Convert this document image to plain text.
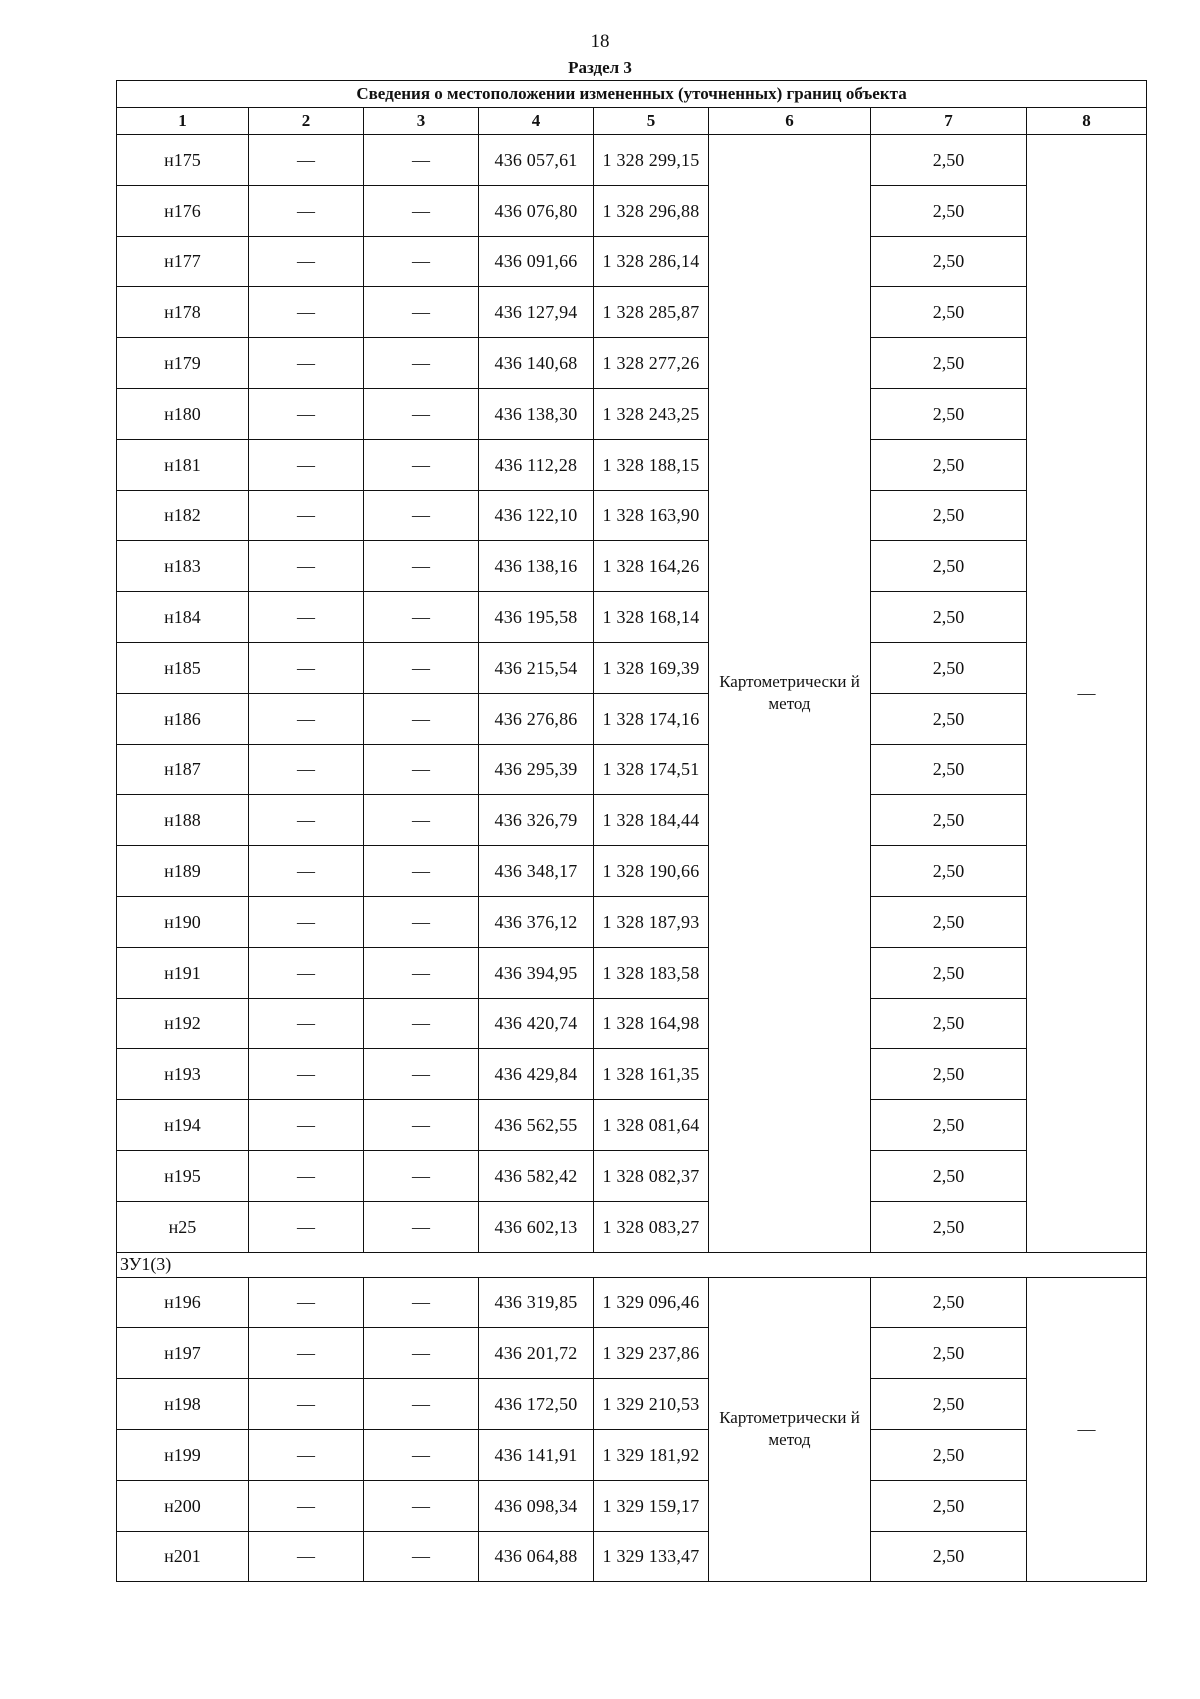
18
Раздел 3
Сведения о местоположении измененных (уточненных) границ объекта							
1	2	3	4	5	6	7	8
н175	—	—	436 057,61	1 328 299,15	Картометрически й метод	2,50	—
н176	—	—	436 076,80	1 328 296,88		2,50	
н177	—	—	436 091,66	1 328 286,14		2,50	
н178	—	—	436 127,94	1 328 285,87		2,50	
н179	—	—	436 140,68	1 328 277,26		2,50	
н180	—	—	436 138,30	1 328 243,25		2,50	
н181	—	—	436 112,28	1 328 188,15		2,50	
н182	—	—	436 122,10	1 328 163,90		2,50	
н183	—	—	436 138,16	1 328 164,26		2,50	
н184	—	—	436 195,58	1 328 168,14		2,50	
н185	—	—	436 215,54	1 328 169,39		2,50	
н186	—	—	436 276,86	1 328 174,16		2,50	
н187	—	—	436 295,39	1 328 174,51		2,50	
н188	—	—	436 326,79	1 328 184,44		2,50	
н189	—	—	436 348,17	1 328 190,66		2,50	
н190	—	—	436 376,12	1 328 187,93		2,50	
н191	—	—	436 394,95	1 328 183,58		2,50	
н192	—	—	436 420,74	1 328 164,98		2,50	
н193	—	—	436 429,84	1 328 161,35		2,50	
н194	—	—	436 562,55	1 328 081,64		2,50	
н195	—	—	436 582,42	1 328 082,37		2,50	
н25	—	—	436 602,13	1 328 083,27		2,50	
ЗУ1(3)							
н196	—	—	436 319,85	1 329 096,46	Картометрически й метод	2,50	—
н197	—	—	436 201,72	1 329 237,86		2,50	
н198	—	—	436 172,50	1 329 210,53		2,50	
н199	—	—	436 141,91	1 329 181,92		2,50	
н200	—	—	436 098,34	1 329 159,17		2,50	
н201	—	—	436 064,88	1 329 133,47		2,50	
